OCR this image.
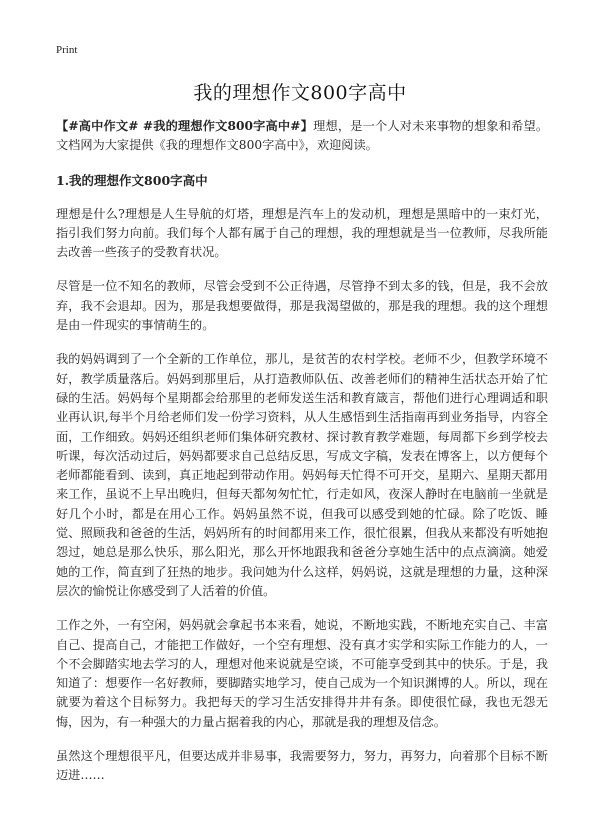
Print
我的理想作文800字高中

【#高中作文# #我的理想作文800字高中#】理想，是一个人对未来事物的想象和希望。文档网为大家提供《我的理想作文800字高中》，欢迎阅读。

1.我的理想作文800字高中

理想是什么?理想是人生导航的灯塔，理想是汽车上的发动机，理想是黑暗中的一束灯光，指引我们努力向前。我们每个人都有属于自己的理想，我的理想就是当一位教师，尽我所能去改善一些孩子的受教育状况。

尽管是一位不知名的教师，尽管会受到不公正待遇，尽管挣不到太多的钱，但是，我不会放弃，我不会退却。因为，那是我想要做得，那是我渴望做的，那是我的理想。我的这个理想是由一件现实的事情萌生的。

我的妈妈调到了一个全新的工作单位，那儿，是贫苦的农村学校。老师不少，但教学环境不好，教学质量落后。妈妈到那里后，从打造教师队伍、改善老师们的精神生活状态开始了忙碌的生活。妈妈每个星期都会给那里的老师发送生活和教育箴言，帮他们进行心理调适和职业再认识,每半个月给老师们发一份学习资料，从人生感悟到生活指南再到业务指导，内容全面，工作细致。妈妈还组织老师们集体研究教材、探讨教育教学难题，每周都下乡到学校去听课，每次活动过后，妈妈都要求自己总结反思，写成文字稿，发表在博客上，以方便每个老师都能看到、读到，真正地起到带动作用。妈妈每天忙得不可开交，星期六、星期天都用来工作，虽说不上早出晚归，但每天都匆匆忙忙，行走如风，夜深人静时在电脑前一坐就是好几个小时，都是在用心工作。妈妈虽然不说，但我可以感受到她的忙碌。除了吃饭、睡觉、照顾我和爸爸的生活，妈妈所有的时间都用来工作，很忙很累，但我从来都没有听她抱怨过，她总是那么快乐，那么阳光，那么开怀地跟我和爸爸分享她生活中的点点滴滴。她爱她的工作，简直到了狂热的地步。我问她为什么这样，妈妈说，这就是理想的力量，这种深层次的愉悦让你感受到了人活着的价值。

工作之外，一有空闲，妈妈就会拿起书本来看，她说，不断地实践，不断地充实自己、丰富自己、提高自己，才能把工作做好，一个空有理想、没有真才实学和实际工作能力的人，一个不会脚踏实地去学习的人，理想对他来说就是空谈，不可能享受到其中的快乐。于是，我知道了：想要作一名好教师，要脚踏实地学习，使自己成为一个知识渊博的人。所以，现在就要为着这个目标努力。我把每天的学习生活安排得井井有条。即使很忙碌，我也无怨无悔，因为，有一种强大的力量占据着我的内心，那就是我的理想及信念。

虽然这个理想很平凡，但要达成并非易事，我需要努力，努力，再努力，向着那个目标不断迈进……
